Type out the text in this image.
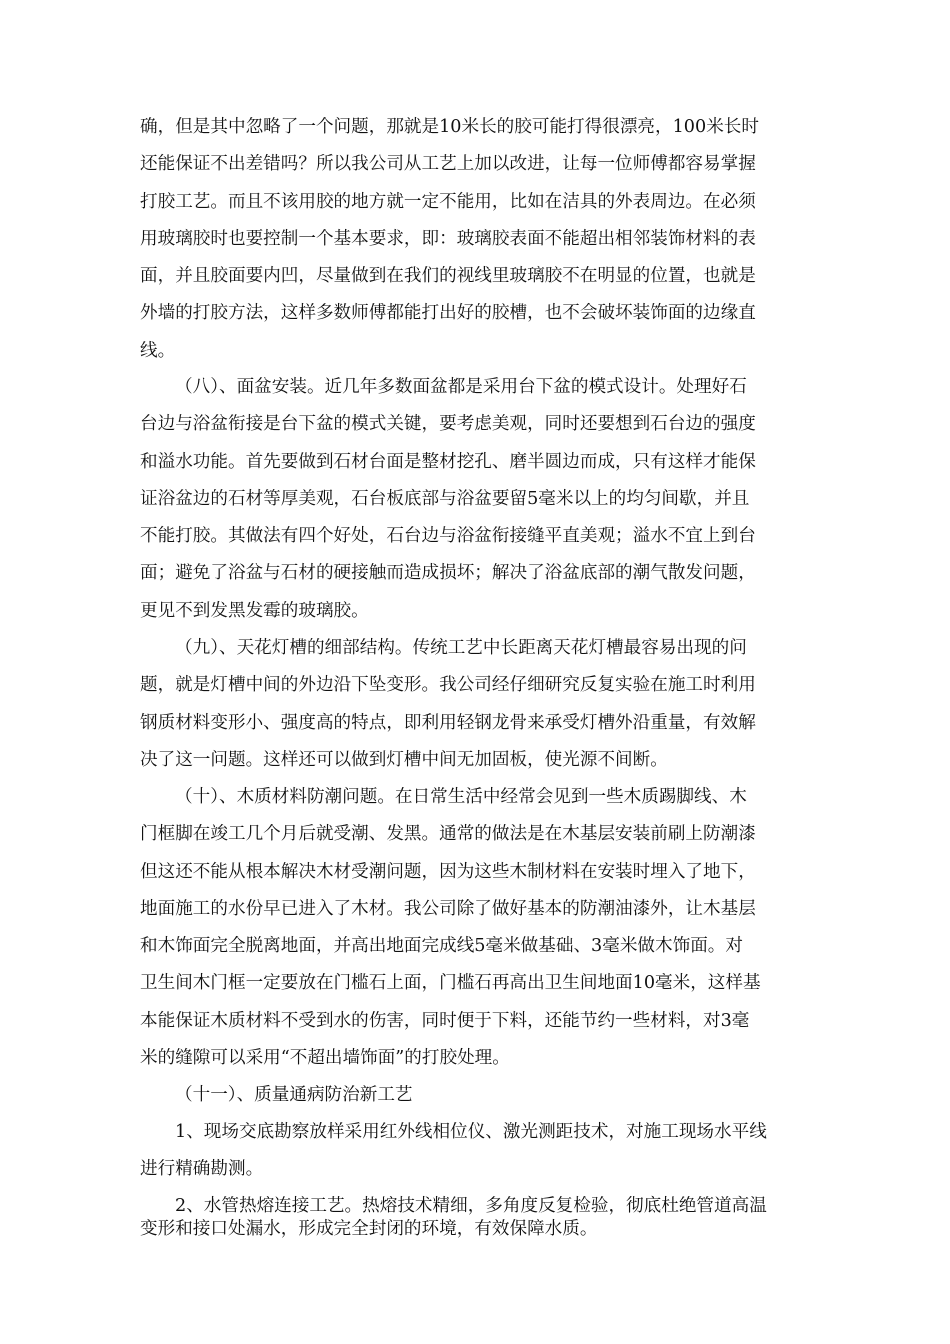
确，但是其中忽略了一个问题，那就是10米长的胶可能打得很漂亮，100米长时
还能保证不出差错吗？所以我公司从工艺上加以改进，让每一位师傅都容易掌握
打胶工艺。而且不该用胶的地方就一定不能用，比如在洁具的外表周边。在必须
用玻璃胶时也要控制一个基本要求，即：玻璃胶表面不能超出相邻装饰材料的表
面，并且胶面要内凹，尽量做到在我们的视线里玻璃胶不在明显的位置，也就是
外墙的打胶方法，这样多数师傅都能打出好的胶槽，也不会破坏装饰面的边缘直
线。
（八）、面盆安装。近几年多数面盆都是采用台下盆的模式设计。处理好石
台边与浴盆衔接是台下盆的模式关键，要考虑美观，同时还要想到石台边的强度
和溢水功能。首先要做到石材台面是整材挖孔、磨半圆边而成，只有这样才能保
证浴盆边的石材等厚美观，石台板底部与浴盆要留5毫米以上的均匀间歇，并且
不能打胶。其做法有四个好处，石台边与浴盆衔接缝平直美观；溢水不宜上到台
面；避免了浴盆与石材的硬接触而造成损坏；解决了浴盆底部的潮气散发问题，
更见不到发黑发霉的玻璃胶。
（九）、天花灯槽的细部结构。传统工艺中长距离天花灯槽最容易出现的问
题，就是灯槽中间的外边沿下坠变形。我公司经仔细研究反复实验在施工时利用
钢质材料变形小、强度高的特点，即利用轻钢龙骨来承受灯槽外沿重量，有效解
决了这一问题。这样还可以做到灯槽中间无加固板，使光源不间断。
（十）、木质材料防潮问题。在日常生活中经常会见到一些木质踢脚线、木
门框脚在竣工几个月后就受潮、发黑。通常的做法是在木基层安装前刷上防潮漆
但这还不能从根本解决木材受潮问题，因为这些木制材料在安装时埋入了地下，
地面施工的水份早已进入了木材。我公司除了做好基本的防潮油漆外，让木基层
和木饰面完全脱离地面，并高出地面完成线5毫米做基础、3毫米做木饰面。对
卫生间木门框一定要放在门槛石上面，门槛石再高出卫生间地面10毫米，这样基
本能保证木质材料不受到水的伤害，同时便于下料，还能节约一些材料，对3毫
米的缝隙可以采用“不超出墙饰面”的打胶处理。
（十一）、质量通病防治新工艺
1、现场交底勘察放样采用红外线相位仪、激光测距技术，对施工现场水平线
进行精确勘测。
2、水管热熔连接工艺。热熔技术精细，多角度反复检验，彻底杜绝管道高温
变形和接口处漏水，形成完全封闭的环境，有效保障水质。
